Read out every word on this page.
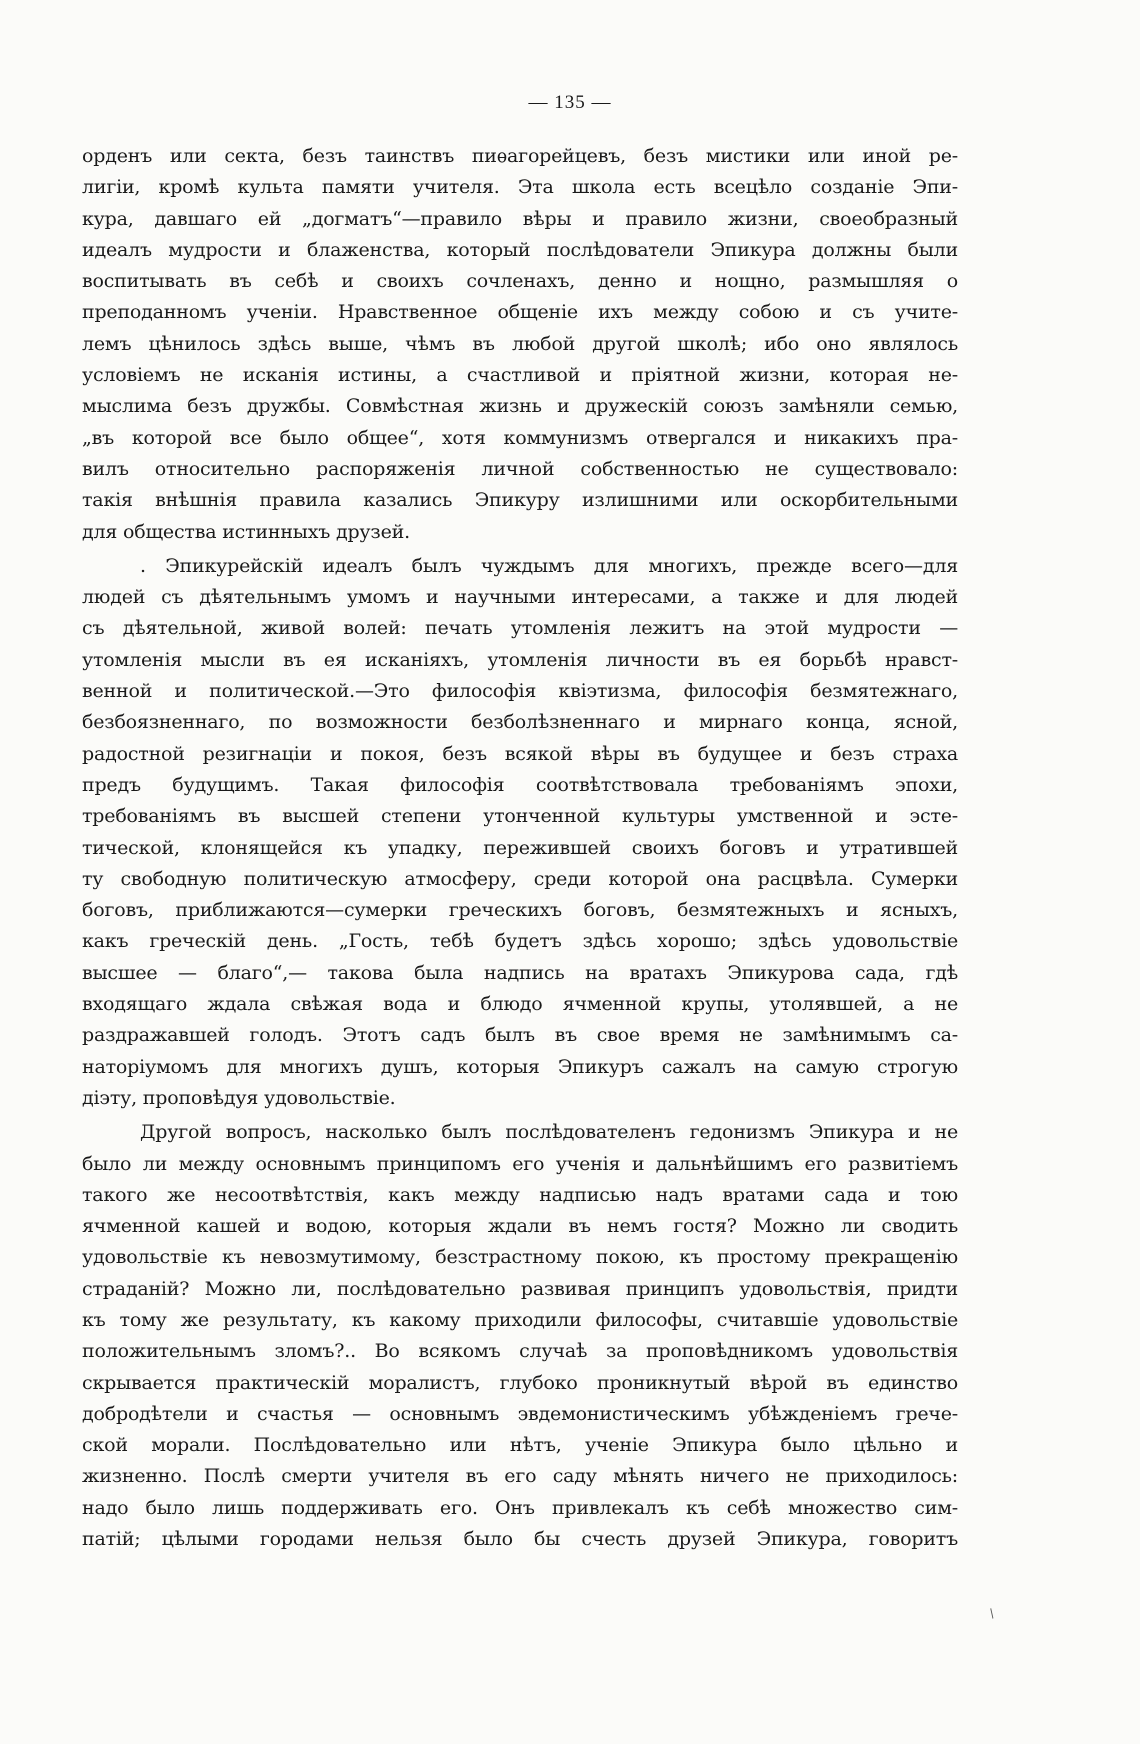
— 135 —
орденъ или секта, безъ таинствъ пиѳагорейцевъ, безъ мистики или иной ре-
лигіи, кромѣ культа памяти учителя. Эта школа есть всецѣло созданіе Эпи-
кура, давшаго ей „догматъ“—правило вѣры и правило жизни, своеобразный
идеалъ мудрости и блаженства, который послѣдователи Эпикура должны были
воспитывать въ себѣ и своихъ сочленахъ, денно и нощно, размышляя о
преподанномъ ученіи. Нравственное общеніе ихъ между собою и съ учите-
лемъ цѣнилось здѣсь выше, чѣмъ въ любой другой школѣ; ибо оно являлось
условіемъ не исканія истины, а счастливой и пріятной жизни, которая не-
мыслима безъ дружбы. Совмѣстная жизнь и дружескій союзъ замѣняли семью,
„въ которой все было общее“, хотя коммунизмъ отвергался и никакихъ пра-
вилъ относительно распоряженія личной собственностью не существовало:
такія внѣшнія правила казались Эпикуру излишними или оскорбительными
для общества истинныхъ друзей.
. Эпикурейскій идеалъ былъ чуждымъ для многихъ, прежде всего—для
людей съ дѣятельнымъ умомъ и научными интересами, а также и для людей
съ дѣятельной, живой волей: печать утомленія лежитъ на этой мудрости —
утомленія мысли въ ея исканіяхъ, утомленія личности въ ея борьбѣ нравст-
венной и политической.—Это философія квіэтизма, философія безмятежнаго,
безбоязненнаго, по возможности безболѣзненнаго и мирнаго конца, ясной,
радостной резигнаціи и покоя, безъ всякой вѣры въ будущее и безъ страха
предъ будущимъ. Такая философія соотвѣтствовала требованіямъ эпохи,
требованіямъ въ высшей степени утонченной культуры умственной и эсте-
тической, клонящейся къ упадку, пережившей своихъ боговъ и утратившей
ту свободную политическую атмосферу, среди которой она расцвѣла. Сумерки
боговъ, приближаются—сумерки греческихъ боговъ, безмятежныхъ и ясныхъ,
какъ греческій день. „Гость, тебѣ будетъ здѣсь хорошо; здѣсь удовольствіе
высшее — благо“,— такова была надпись на вратахъ Эпикурова сада, гдѣ
входящаго ждала свѣжая вода и блюдо ячменной крупы, утолявшей, а не
раздражавшей голодъ. Этотъ садъ былъ въ свое время не замѣнимымъ са-
наторіумомъ для многихъ душъ, которыя Эпикуръ сажалъ на самую строгую
діэту, проповѣдуя удовольствіе.
Другой вопросъ, насколько былъ послѣдователенъ гедонизмъ Эпикура и не
было ли между основнымъ принципомъ его ученія и дальнѣйшимъ его развитіемъ
такого же несоотвѣтствія, какъ между надписью надъ вратами сада и тою
ячменной кашей и водою, которыя ждали въ немъ гостя? Можно ли сводить
удовольствіе къ невозмутимому, безстрастному покою, къ простому прекращенію
страданій? Можно ли, послѣдовательно развивая принципъ удовольствія, придти
къ тому же результату, къ какому приходили философы, считавшіе удовольствіе
положительнымъ зломъ?.. Во всякомъ случаѣ за проповѣдникомъ удовольствія
скрывается практическій моралистъ, глубоко проникнутый вѣрой въ единство
добродѣтели и счастья — основнымъ эвдемонистическимъ убѣжденіемъ грече-
ской морали. Послѣдовательно или нѣтъ, ученіе Эпикура было цѣльно и
жизненно. Послѣ смерти учителя въ его саду мѣнять ничего не приходилось:
надо было лишь поддерживать его. Онъ привлекалъ къ себѣ множество сим-
патій; цѣлыми городами нельзя было бы счесть друзей Эпикура, говоритъ
/
